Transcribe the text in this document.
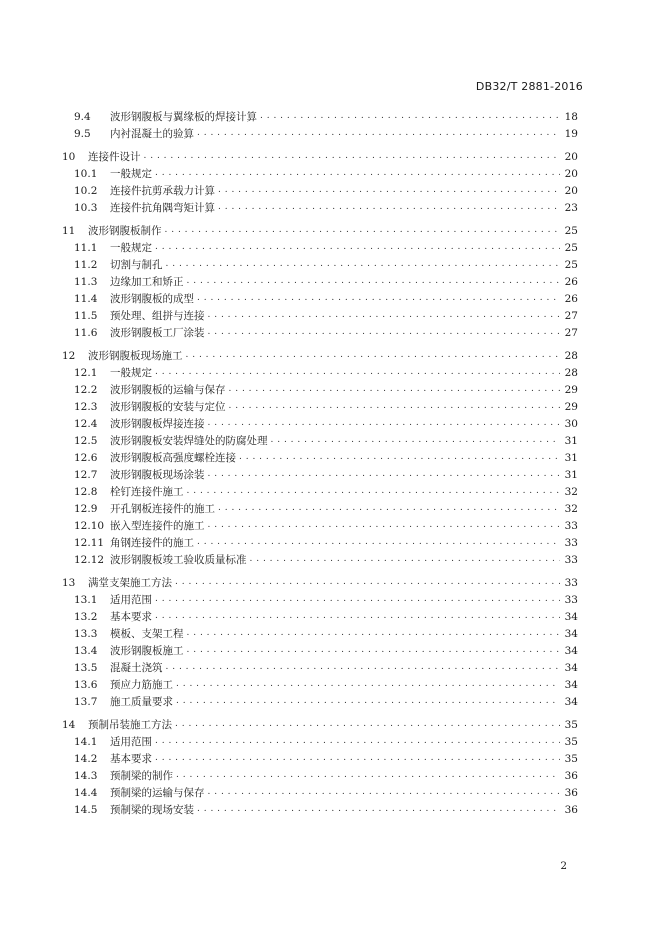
DB32/T 2881-2016
9.4	波形钢腹板与翼缘板的焊接计算 . . .	18
9.5	内衬混凝土的验算 . . .	19
10	连接件设计 . . .	20
10.1	一般规定 . . .	20
10.2	连接件抗剪承载力计算 . . .	20
10.3	连接件抗角隅弯矩计算 . . .	23
11	波形钢腹板制作 . . .	25
11.1	一般规定 . . .	25
11.2	切割与制孔 . . .	25
11.3	边缘加工和矫正 . . .	26
11.4	波形钢腹板的成型 . . .	26
11.5	预处理、组拼与连接 . . .	27
11.6	波形钢腹板工厂涂装 . . .	27
12	波形钢腹板现场施工 . . .	28
12.1	一般规定 . . .	28
12.2	波形钢腹板的运输与保存 . . .	29
12.3	波形钢腹板的安装与定位 . . .	29
12.4	波形钢腹板焊接连接 . . .	30
12.5	波形钢腹板安装焊缝处的防腐处理 . . .	31
12.6	波形钢腹板高强度螺栓连接 . . .	31
12.7	波形钢腹板现场涂装 . . .	31
12.8	栓钉连接件施工 . . .	32
12.9	开孔钢板连接件的施工 . . .	32
12.10 嵌入型连接件的施工 . . .	33
12.11 角钢连接件的施工 . . .	33
12.12 波形钢腹板竣工验收质量标准 . . .	33
13	满堂支架施工方法 . . .	33
13.1	适用范围 . . .	33
13.2	基本要求 . . .	34
13.3	模板、支架工程 . . .	34
13.4	波形钢腹板施工 . . .	34
13.5	混凝土浇筑 . . .	34
13.6	预应力筋施工 . . .	34
13.7	施工质量要求 . . .	34
14	预制吊装施工方法 . . .	35
14.1	适用范围 . . .	35
14.2	基本要求 . . .	35
14.3	预制梁的制作 . . .	36
14.4	预制梁的运输与保存 . . .	36
14.5	预制梁的现场安装 . . .	36
2
